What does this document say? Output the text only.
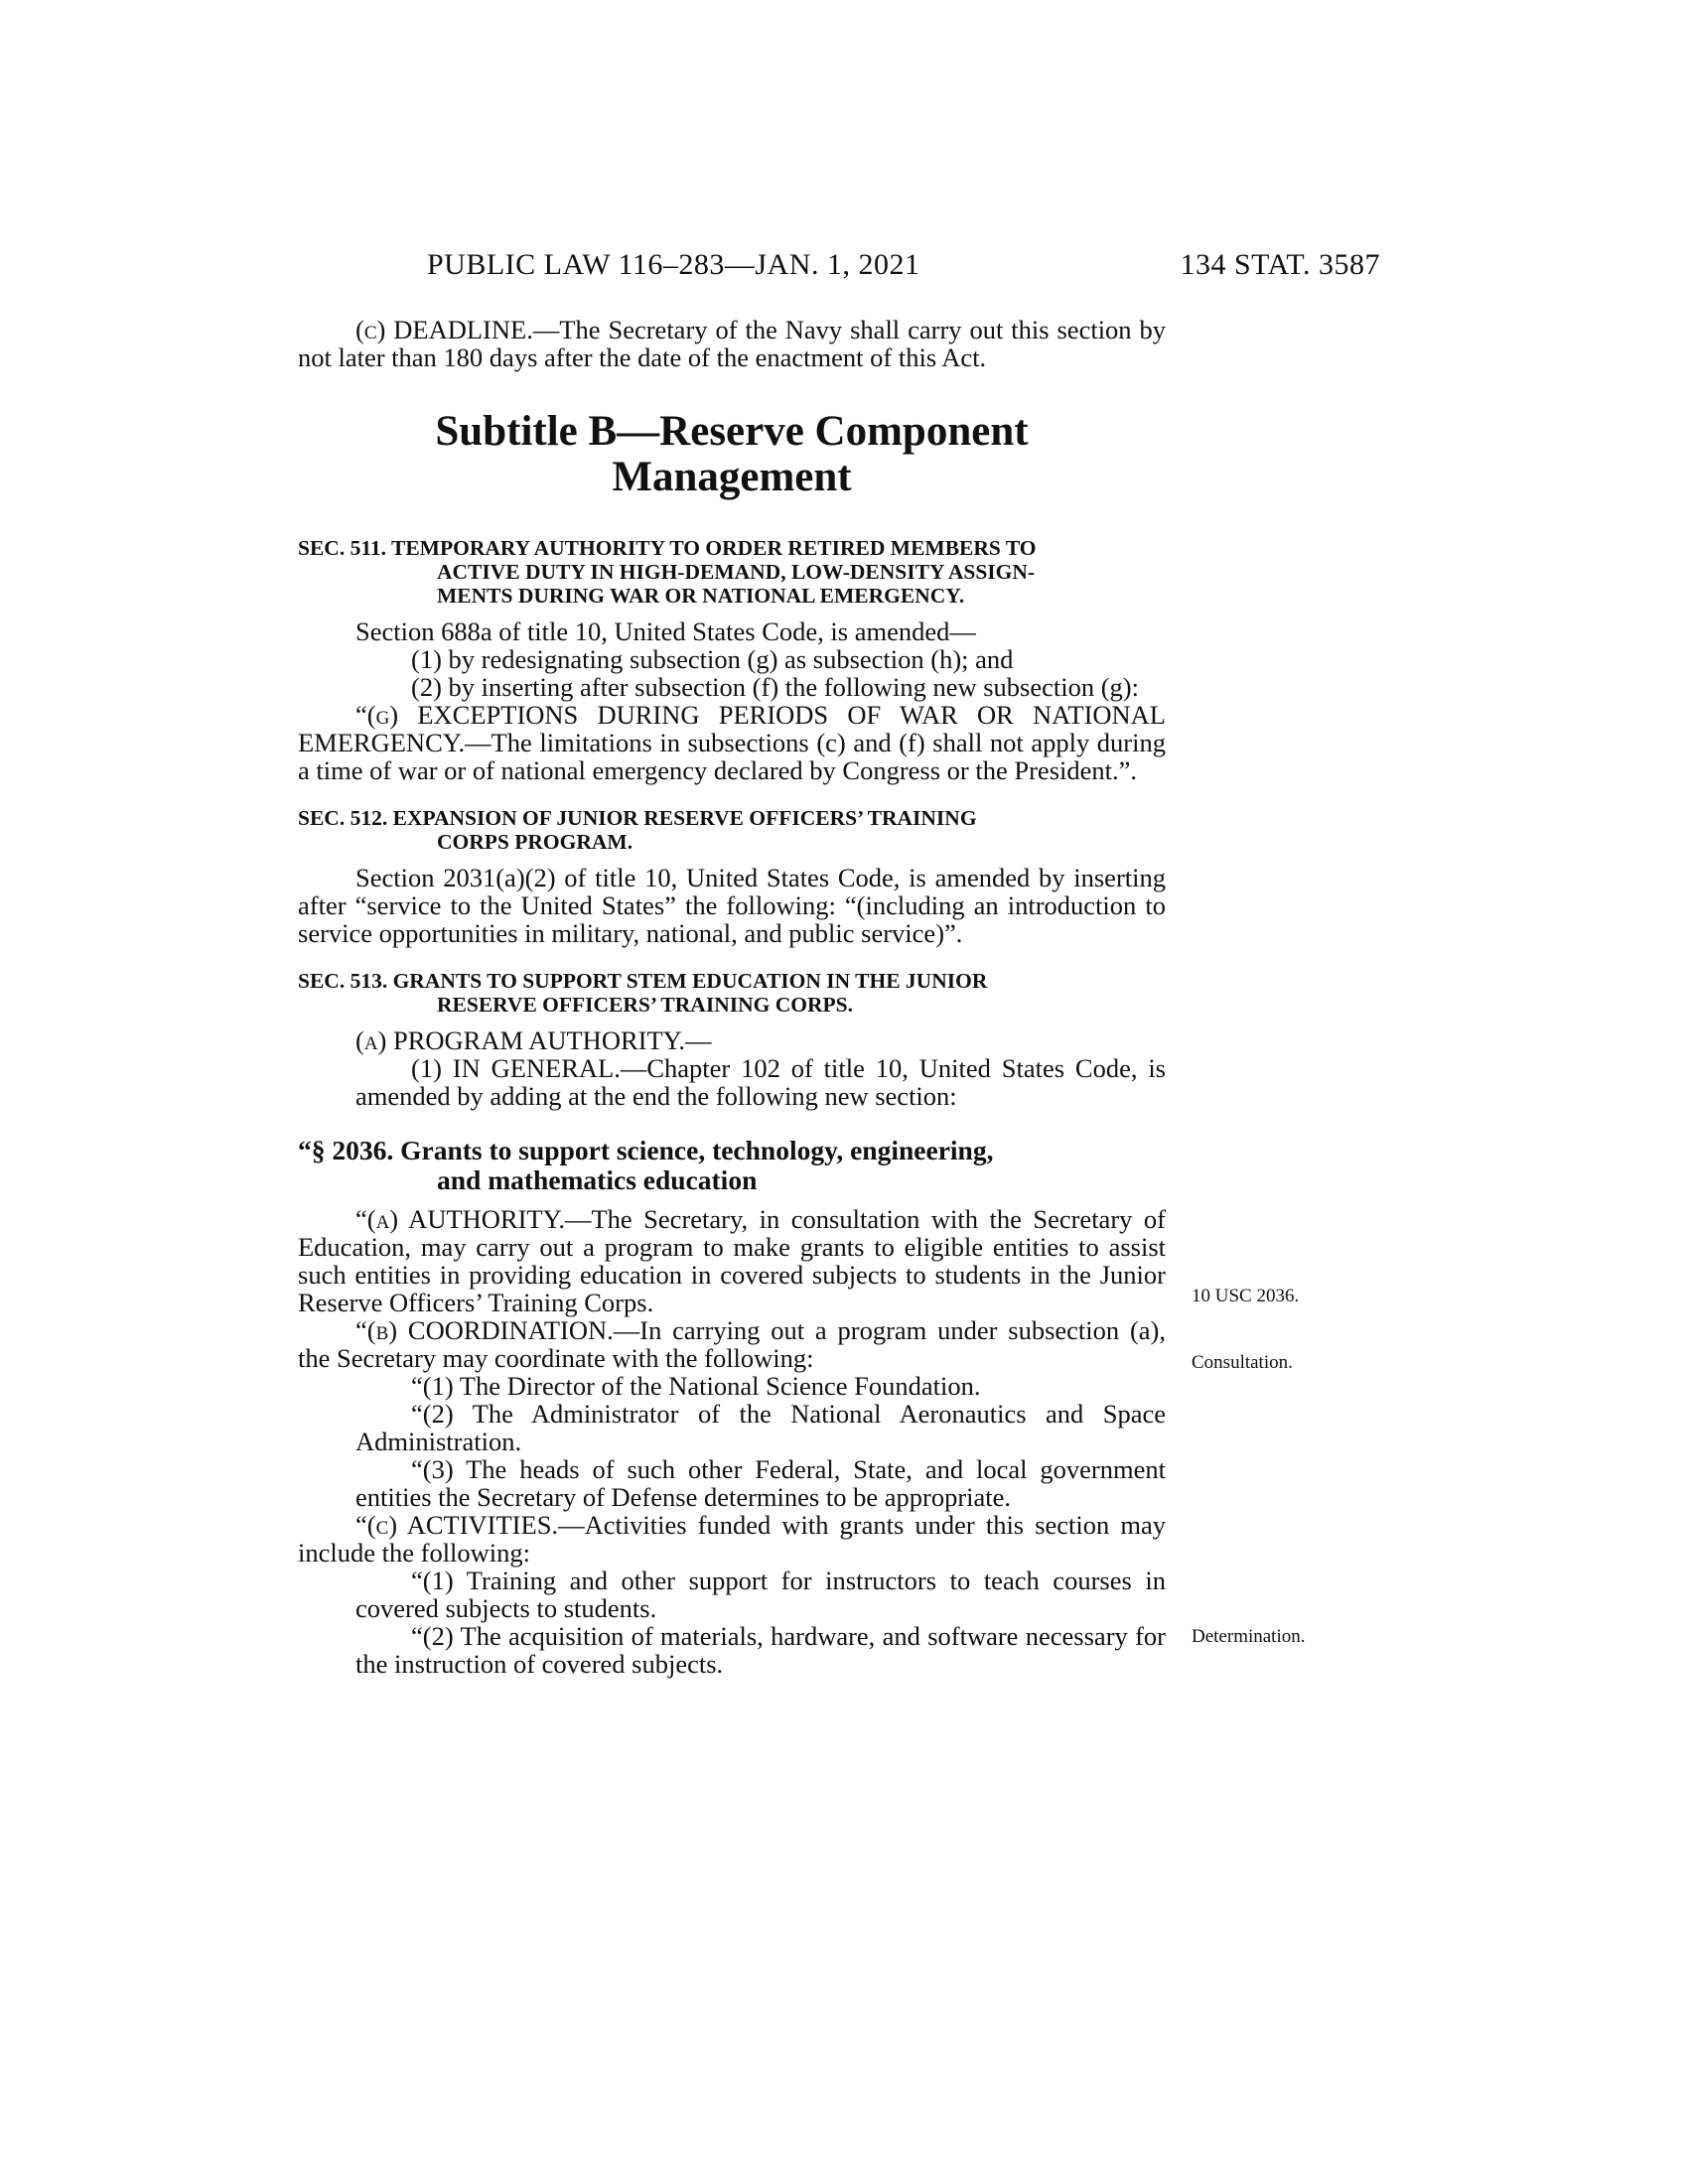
PUBLIC LAW 116–283—JAN. 1, 2021	134 STAT. 3587

(c) DEADLINE.—The Secretary of the Navy shall carry out this section by not later than 180 days after the date of the enactment of this Act.

Subtitle B—Reserve Component
Management

SEC. 511. TEMPORARY AUTHORITY TO ORDER RETIRED MEMBERS TO
ACTIVE DUTY IN HIGH-DEMAND, LOW-DENSITY ASSIGN-
MENTS DURING WAR OR NATIONAL EMERGENCY.

Section 688a of title 10, United States Code, is amended—

(1) by redesignating subsection (g) as subsection (h); and

(2) by inserting after subsection (f) the following new subsection (g):

“(g) EXCEPTIONS DURING PERIODS OF WAR OR NATIONAL EMERGENCY.—The limitations in subsections (c) and (f) shall not apply during a time of war or of national emergency declared by Congress or the President.”.

SEC. 512. EXPANSION OF JUNIOR RESERVE OFFICERS’ TRAINING
CORPS PROGRAM.

Section 2031(a)(2) of title 10, United States Code, is amended by inserting after “service to the United States” the following: “(including an introduction to service opportunities in military, national, and public service)”.

SEC. 513. GRANTS TO SUPPORT STEM EDUCATION IN THE JUNIOR
RESERVE OFFICERS’ TRAINING CORPS.

(a) PROGRAM AUTHORITY.—

(1) IN GENERAL.—Chapter 102 of title 10, United States Code, is amended by adding at the end the following new section:

“§ 2036. Grants to support science, technology, engineering,
and mathematics education

“(a) AUTHORITY.—The Secretary, in consultation with the Secretary of Education, may carry out a program to make grants to eligible entities to assist such entities in providing education in covered subjects to students in the Junior Reserve Officers’ Training Corps.

“(b) COORDINATION.—In carrying out a program under subsection (a), the Secretary may coordinate with the following:

“(1) The Director of the National Science Foundation.

“(2) The Administrator of the National Aeronautics and Space Administration.

“(3) The heads of such other Federal, State, and local government entities the Secretary of Defense determines to be appropriate.

“(c) ACTIVITIES.—Activities funded with grants under this section may include the following:

“(1) Training and other support for instructors to teach courses in covered subjects to students.

“(2) The acquisition of materials, hardware, and software necessary for the instruction of covered subjects.

10 USC 2036.
Consultation.
Determination.
